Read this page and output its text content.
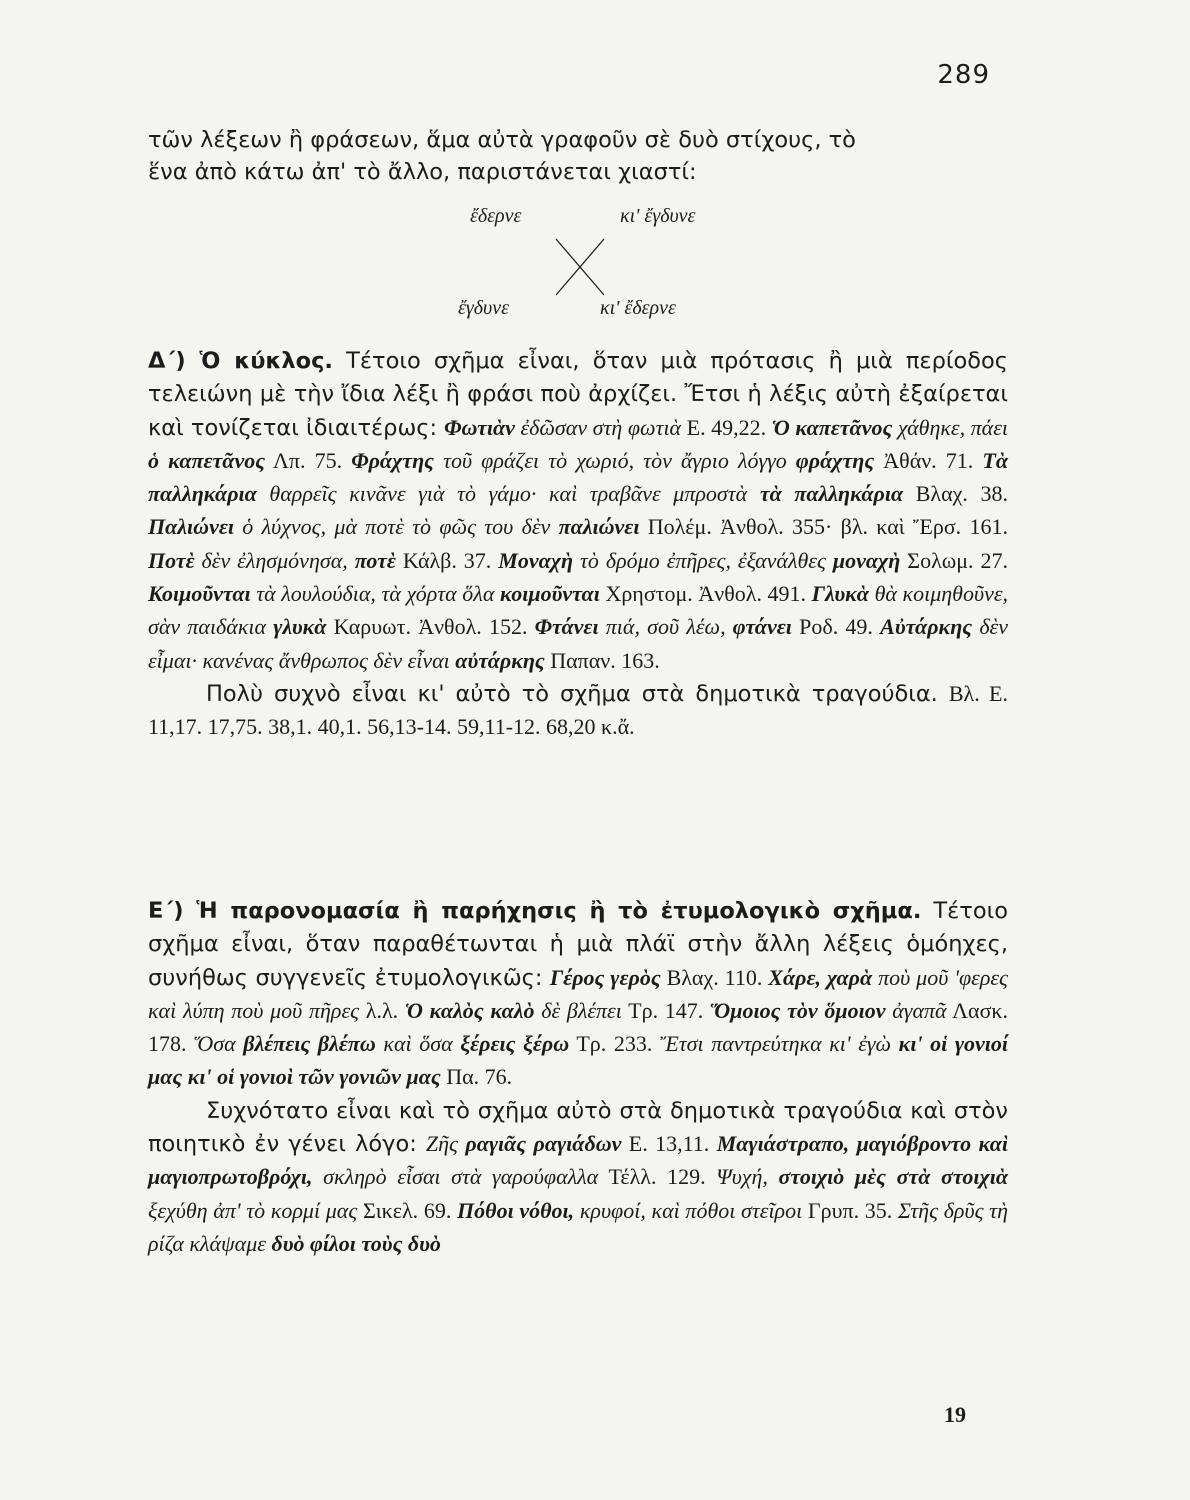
289

τῶν λέξεων ἢ φράσεων, ἅμα αὐτὰ γραφοῦν σὲ δυὸ στίχους, τὸ

ἕνα ἀπὸ κάτω ἀπ' τὸ ἄλλο, παριστάνεται χιαστί:

ἔδερνε	κι' ἔγδυνε
ἔγδυνε	κι' ἔδερνε

Δ΄) Ὁ κύκλος. Τέτοιο σχῆμα εἶναι, ὅταν μιὰ πρότασις ἢ μιὰ περίοδος τελειώνη μὲ τὴν ἴδια λέξι ἢ φράσι ποὺ ἀρχίζει. Ἔτσι ἡ λέξις αὐτὴ ἐξαίρεται καὶ τονίζεται ἰδιαιτέρως: Φωτιὰν ἐδῶσαν στὴ φωτιὰ Ε. 49,22. Ὁ καπετᾶνος χάθηκε, πάει ὁ καπετᾶνος Λπ. 75. Φράχτης τοῦ φράζει τὸ χωριό, τὸν ἄγριο λόγγο φράχτης Ἀθάν. 71. Τὰ παλληκάρια θαρρεῖς κινᾶνε γιὰ τὸ γάμο· καὶ τραβᾶνε μπροστὰ τὰ παλληκάρια Βλαχ. 38. Παλιώνει ὁ λύχνος, μὰ ποτὲ τὸ φῶς του δὲν παλιώνει Πολέμ. Ἀνθολ. 355· βλ. καὶ Ἔρσ. 161. Ποτὲ δὲν ἐλησμόνησα, ποτὲ Κάλβ. 37. Μοναχὴ τὸ δρόμο ἐπῆρες, ἐξανάλθες μοναχὴ Σολωμ. 27. Κοιμοῦνται τὰ λουλούδια, τὰ χόρτα ὅλα κοιμοῦνται Χρηστομ. Ἀνθολ. 491. Γλυκὰ θὰ κοιμηθοῦνε, σὰν παιδάκια γλυκὰ Καρυωτ. Ἀνθολ. 152. Φτάνει πιά, σοῦ λέω, φτάνει Ροδ. 49. Αὐτάρκης δὲν εἶμαι· κανένας ἄνθρωπος δὲν εἶναι αὐτάρκης Παπαν. 163.

Πολὺ συχνὸ εἶναι κι' αὐτὸ τὸ σχῆμα στὰ δημοτικὰ τραγούδια. Βλ. Ε. 11,17. 17,75. 38,1. 40,1. 56,13-14. 59,11-12. 68,20 κ.ἄ.

Ε΄) Ἡ παρονομασία ἢ παρήχησις ἢ τὸ ἐτυμολογικὸ σχῆμα. Τέτοιο σχῆμα εἶναι, ὅταν παραθέτωνται ἡ μιὰ πλάϊ στὴν ἄλλη λέξεις ὁμόηχες, συνήθως συγγενεῖς ἐτυμολογικῶς: Γέρος γερὸς Βλαχ. 110. Χάρε, χαρὰ ποὺ μοῦ 'φερες καὶ λύπη ποὺ μοῦ πῆρες λ.λ. Ὁ καλὸς καλὸ δὲ βλέπει Τρ. 147. Ὅμοιος τὸν ὅμοιον ἀγαπᾶ Λασκ. 178. Ὅσα βλέπεις βλέπω καὶ ὅσα ξέρεις ξέρω Τρ. 233. Ἔτσι παντρεύτηκα κι' ἐγὼ κι' οἱ γονιοί μας κι' οἱ γονιοὶ τῶν γονιῶν μας Πα. 76.

Συχνότατο εἶναι καὶ τὸ σχῆμα αὐτὸ στὰ δημοτικὰ τραγούδια καὶ στὸν ποιητικὸ ἐν γένει λόγο: Ζῆς ραγιᾶς ραγιάδων Ε. 13,11. Μαγιάστραπο, μαγιόβροντο καὶ μαγιοπρωτοβρόχι, σκληρὸ εἶσαι στὰ γαρούφαλλα Τέλλ. 129. Ψυχή, στοιχιὸ μὲς στὰ στοιχιὰ ξεχύθη ἀπ' τὸ κορμί μας Σικελ. 69. Πόθοι νόθοι, κρυφοί, καὶ πόθοι στεῖροι Γρυπ. 35. Στῆς δρῦς τὴ ρίζα κλάψαμε δυὸ φίλοι τοὺς δυὸ

19
